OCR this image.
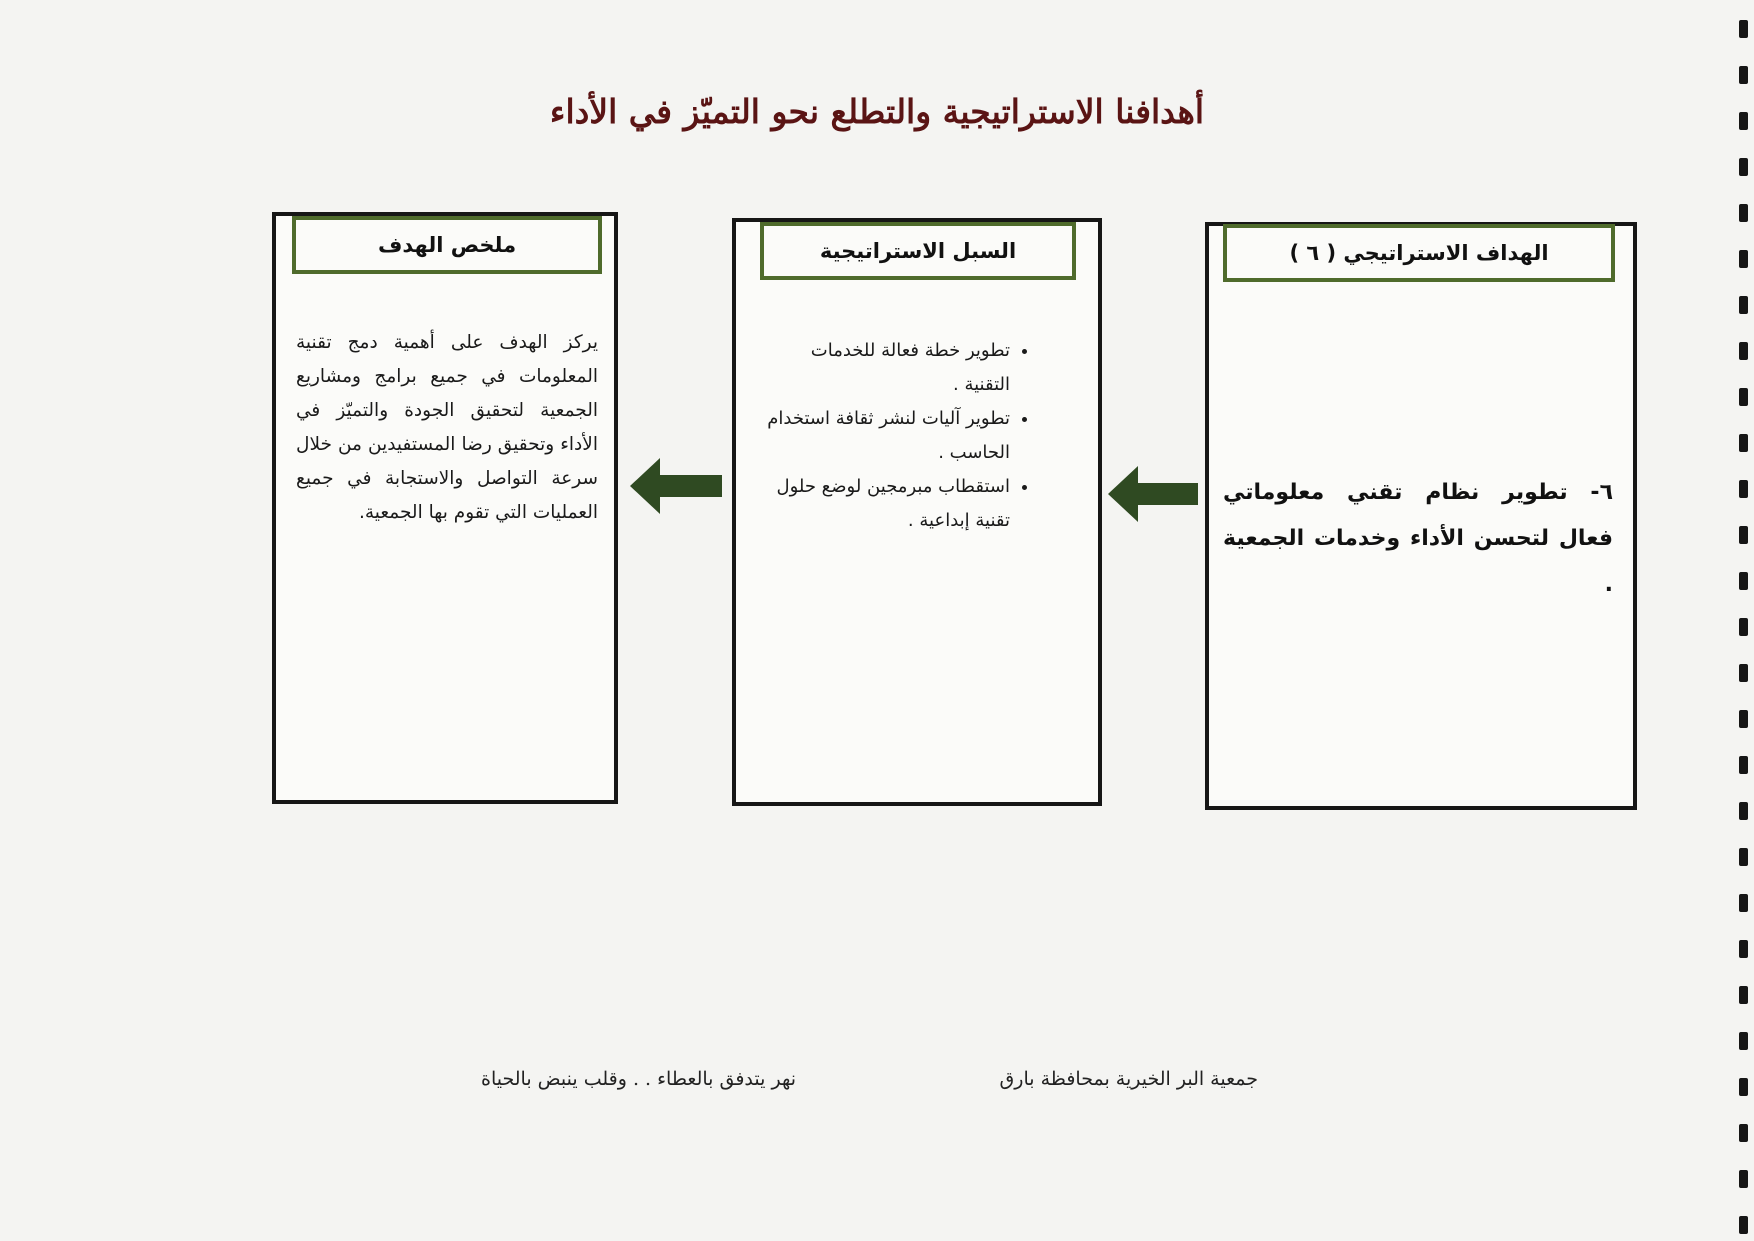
أهدافنا الاستراتيجية والتطلع نحو التميّز في الأداء
الهداف الاستراتيجي ( ٦ )
٦- تطوير نظام تقني معلوماتي فعال لتحسن الأداء وخدمات الجمعية .
السبل الاستراتيجية
• تطوير خطة فعالة للخدمات التقنية .
• تطوير آليات لنشر ثقافة استخدام الحاسب .
• استقطاب مبرمجين لوضع حلول تقنية إبداعية .
ملخص الهدف
يركز الهدف على أهمية دمج تقنية المعلومات في جميع برامج ومشاريع الجمعية لتحقيق الجودة والتميّز في الأداء وتحقيق رضا المستفيدين من خلال سرعة التواصل والاستجابة في جميع العمليات التي تقوم بها الجمعية.
جمعية البر الخيرية بمحافظة بارق
نهر يتدفق بالعطاء . . وقلب ينبض بالحياة
